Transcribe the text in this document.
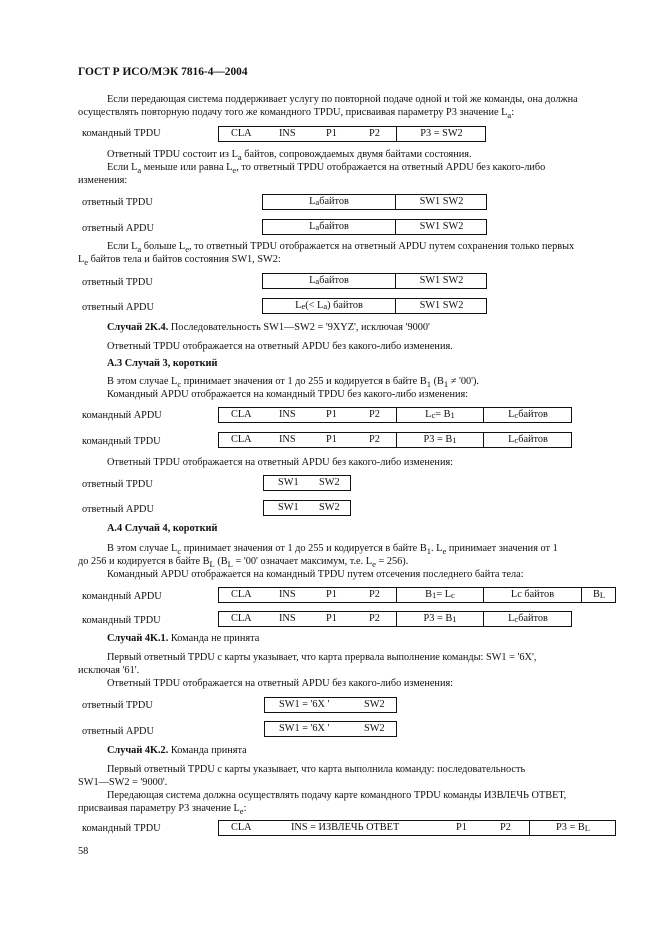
ГОСТ Р ИСО/МЭК 7816-4—2004
Если передающая система поддерживает услугу по повторной подаче одной и той же команды, она должна
осуществлять повторную подачу того же командного TPDU, присваивая параметру P3 значение $L_a$:
командный TPDU	CLA	INS	P1	P2	P3 = SW2
Ответный TPDU состоит из $L_a$ байтов, сопровождаемых двумя байтами состояния.
Если $L_a$ меньше или равна $L_e$, то ответный TPDU отображается на ответный APDU без какого-либо
изменения:
ответный TPDU	L a байтов	SW1 SW2
ответный APDU	L a байтов	SW1 SW2
Если $L_a$ больше $L_e$, то ответный TPDU отображается на ответный APDU путем сохранения только первых
$L_e$ байтов тела и байтов состояния SW1, SW2:
ответный TPDU	L a байтов	SW1 SW2
ответный APDU	L e (< L a ) байтов	SW1 SW2
Случай 2K.4. Последовательность SW1—SW2 = '9XYZ', исключая '9000'
Ответный TPDU отображается на ответный APDU без какого-либо изменения.
А.3 Случай 3, короткий
В этом случае $L_c$ принимает значения от 1 до 255 и кодируется в байте $B_1$ ($B_1$ ≠ '00').
Командный APDU отображается на командный TPDU без какого-либо изменения:
командный APDU	CLA	INS	P1	P2	L c = B 1	L c байтов
командный TPDU	CLA	INS	P1	P2	P3 = B 1	L c байтов
Ответный TPDU отображается на ответный APDU без какого-либо изменения:
ответный TPDU	SW1 SW2
ответный APDU	SW1 SW2
А.4 Случай 4, короткий
В этом случае $L_c$ принимает значения от 1 до 255 и кодируется в байте $B_1$. $L_e$ принимает значения от 1
до 256 и кодируется в байте $B_L$ ($B_L$ = '00' означает максимум, т.е. $L_e = 256$).
Командный APDU отображается на командный TPDU путем отсечения последнего байта тела:
командный APDU	CLA	INS	P1	P2	B 1 = L c	Lc байтов	B L
командный TPDU	CLA	INS	P1	P2	P3 = B 1	L c байтов
Случай 4K.1. Команда не принята
Первый ответный TPDU с карты указывает, что карта прервала выполнение команды: SW1 = '6X',
исключая '61'.
Ответный TPDU отображается на ответный APDU без какого-либо изменения:
ответный TPDU	SW1 = '6X '	SW2
ответный APDU	SW1 = '6X '	SW2
Случай 4K.2. Команда принята
Первый ответный TPDU с карты указывает, что карта выполнила команду: последовательность
SW1—SW2 = '9000'.
Передающая система должна осуществлять подачу карте командного TPDU команды ИЗВЛЕЧЬ ОТВЕТ,
присваивая параметру P3 значение $L_e$:
командный TPDU	CLA	INS = ИЗВЛЕЧЬ ОТВЕТ	P1	P2	P3 = B L
58
